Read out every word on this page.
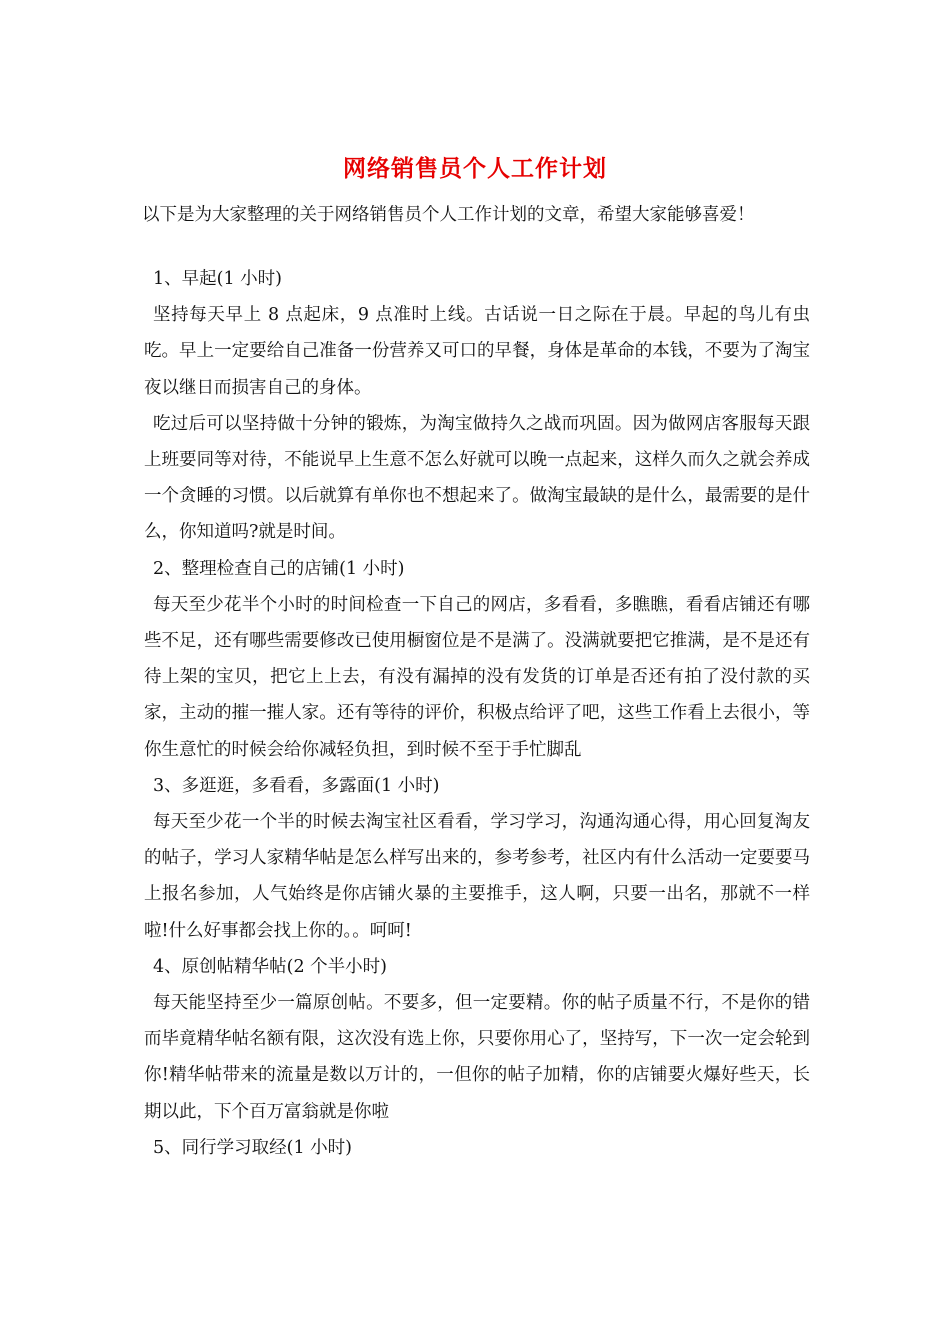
网络销售员个人工作计划
以下是为大家整理的关于网络销售员个人工作计划的文章，希望大家能够喜爱！

1、早起(1 小时)

坚持每天早上 8 点起床，9 点准时上线。古话说一日之际在于晨。早起的鸟儿有虫吃。早上一定要给自己准备一份营养又可口的早餐，身体是革命的本钱，不要为了淘宝夜以继日而损害自己的身体。

吃过后可以坚持做十分钟的锻炼，为淘宝做持久之战而巩固。因为做网店客服每天跟上班要同等对待，不能说早上生意不怎么好就可以晚一点起来，这样久而久之就会养成一个贪睡的习惯。以后就算有单你也不想起来了。做淘宝最缺的是什么，最需要的是什么，你知道吗?就是时间。

2、整理检查自己的店铺(1 小时)

每天至少花半个小时的时间检查一下自己的网店，多看看，多瞧瞧，看看店铺还有哪些不足，还有哪些需要修改已使用橱窗位是不是满了。没满就要把它推满，是不是还有待上架的宝贝，把它上上去，有没有漏掉的没有发货的订单是否还有拍了没付款的买家，主动的摧一摧人家。还有等待的评价，积极点给评了吧，这些工作看上去很小，等你生意忙的时候会给你减轻负担，到时候不至于手忙脚乱

3、多逛逛，多看看，多露面(1 小时)

每天至少花一个半的时候去淘宝社区看看，学习学习，沟通沟通心得，用心回复淘友的帖子，学习人家精华帖是怎么样写出来的，参考参考，社区内有什么活动一定要要马上报名参加，人气始终是你店铺火暴的主要推手，这人啊，只要一出名，那就不一样啦!什么好事都会找上你的。。呵呵!

4、原创帖精华帖(2 个半小时)

每天能坚持至少一篇原创帖。不要多，但一定要精。你的帖子质量不行，不是你的错而毕竟精华帖名额有限，这次没有选上你，只要你用心了，坚持写，下一次一定会轮到你!精华帖带来的流量是数以万计的，一但你的帖子加精，你的店铺要火爆好些天，长期以此，下个百万富翁就是你啦

5、同行学习取经(1 小时)
